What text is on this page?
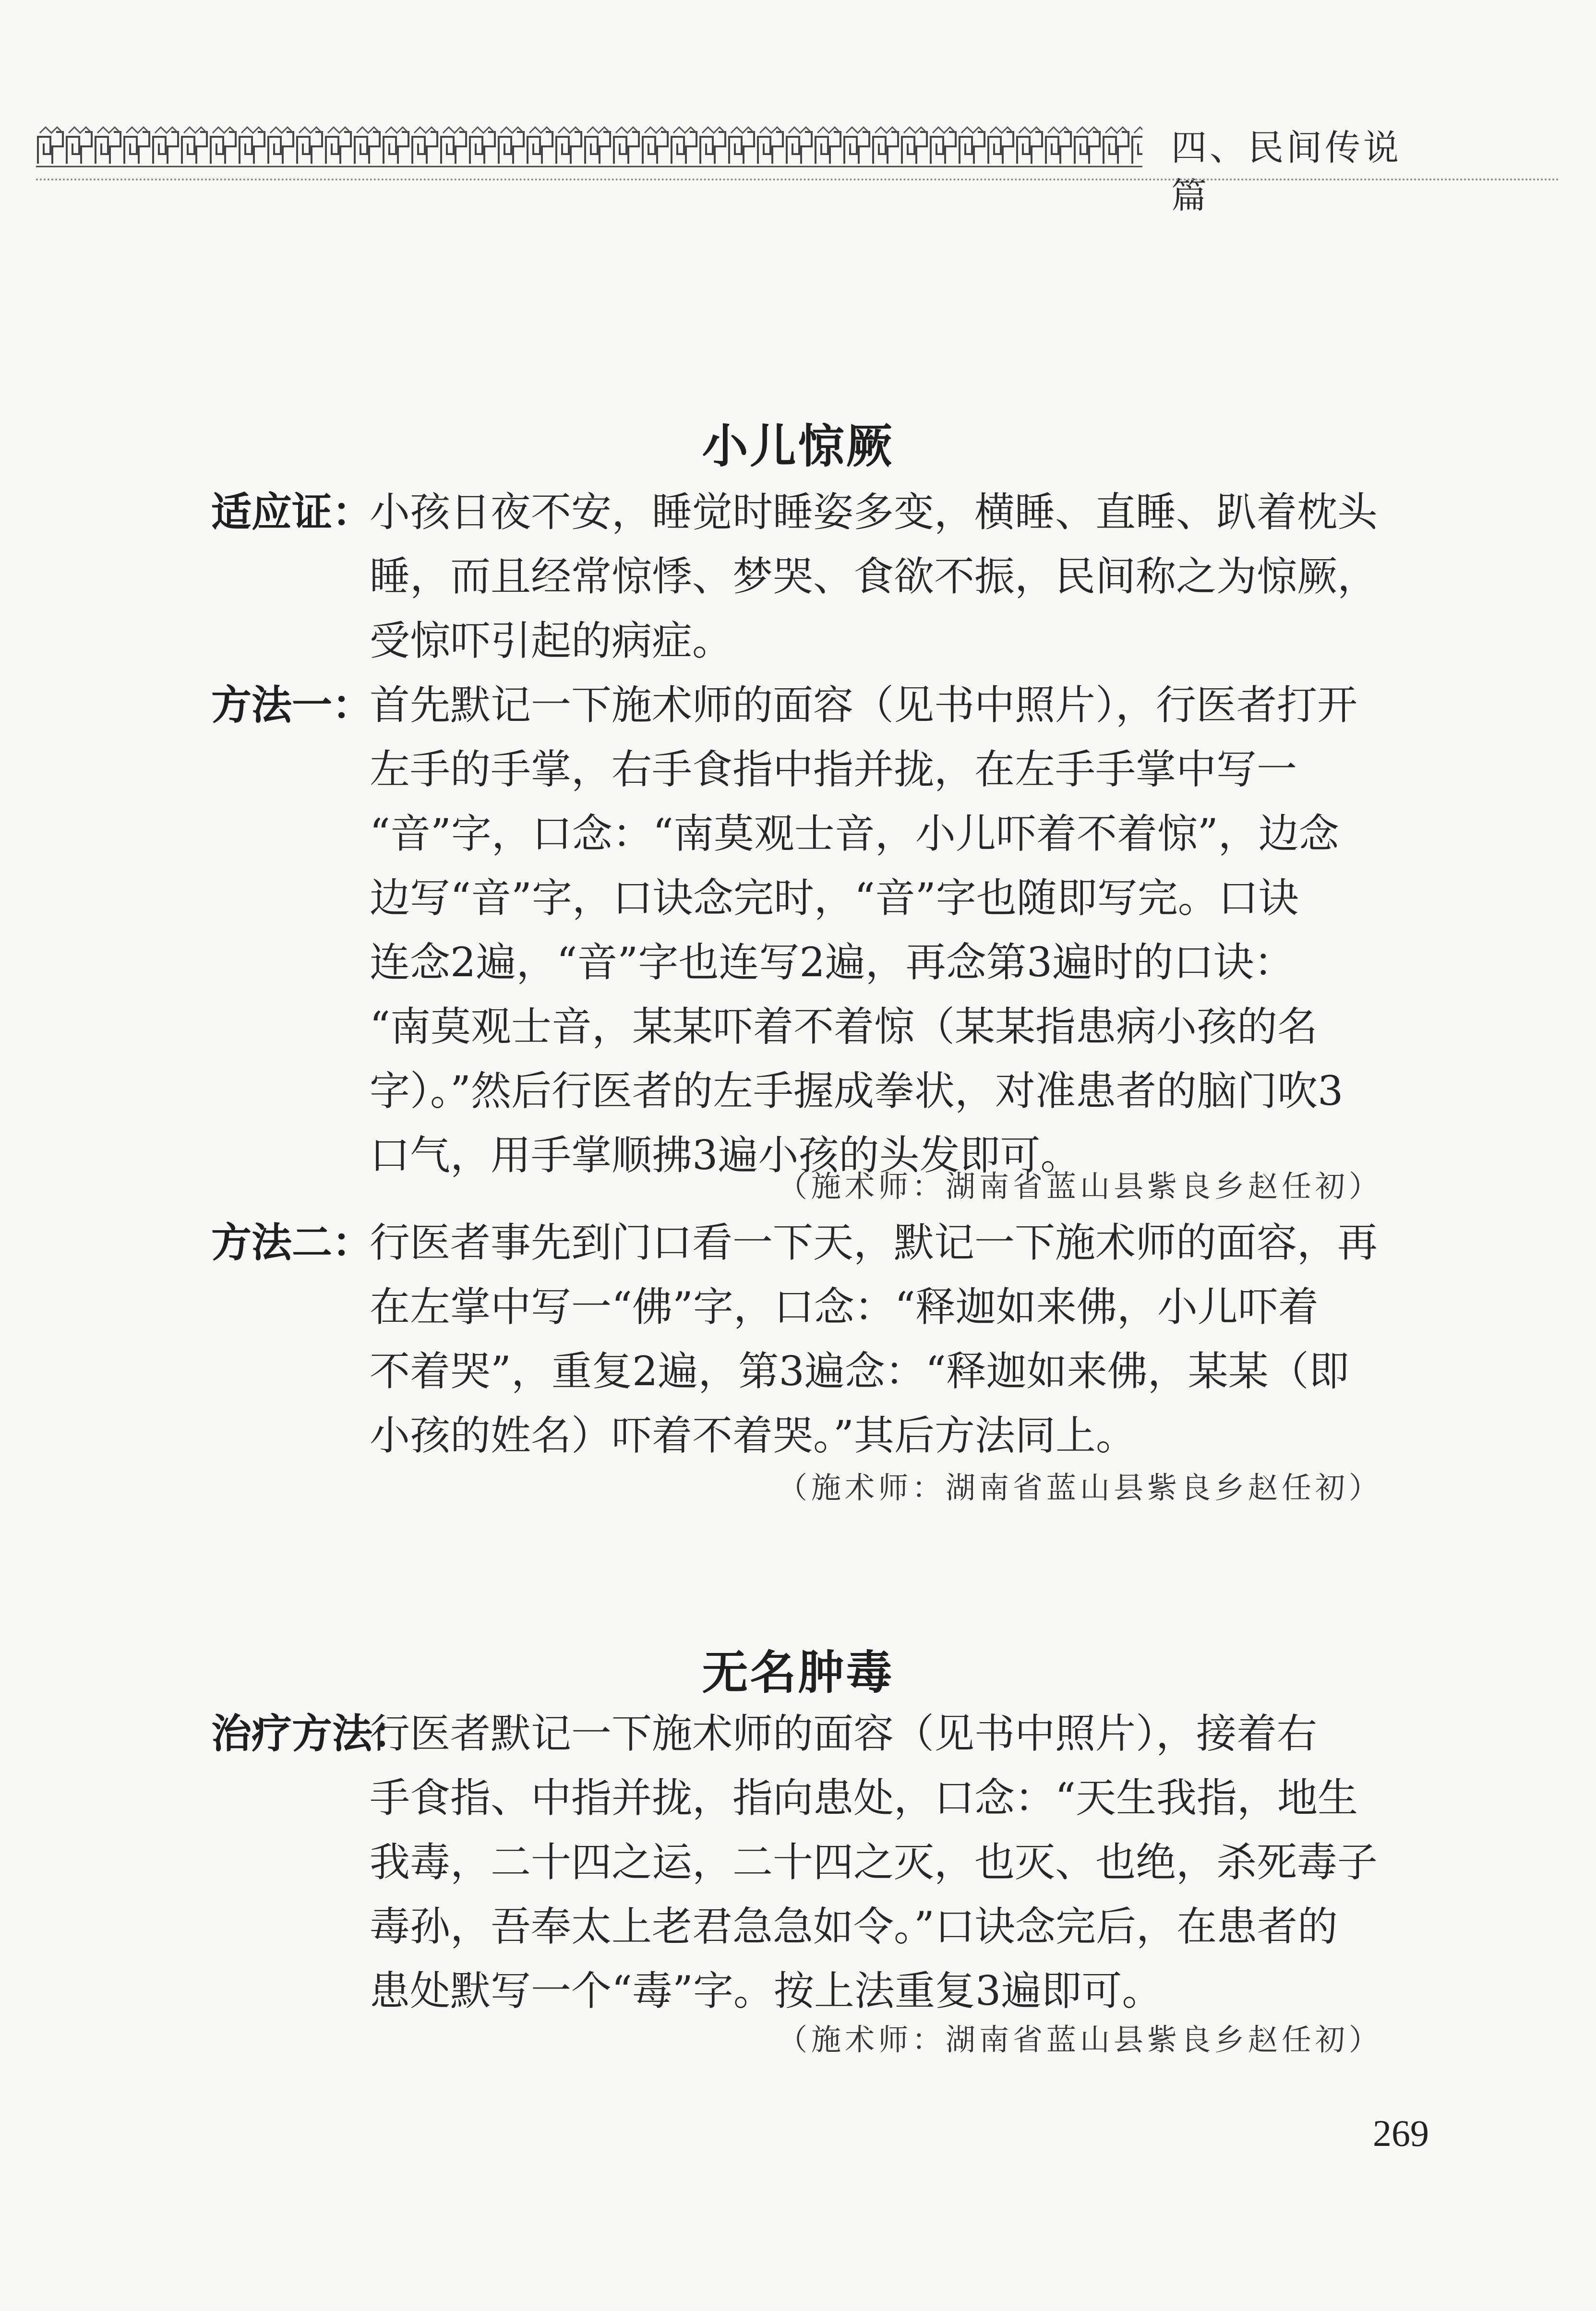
四、民间传说篇
小儿惊厥
适应证：
小孩日夜不安，睡觉时睡姿多变，横睡、直睡、趴着枕头
睡，而且经常惊悸、梦哭、食欲不振，民间称之为惊厥，
受惊吓引起的病症。
方法一：
首先默记一下施术师的面容（见书中照片），行医者打开
左手的手掌，右手食指中指并拢，在左手手掌中写一
“音”字，口念：“南莫观士音，小儿吓着不着惊”，边念
边写“音”字，口诀念完时，“音”字也随即写完。口诀
连念2遍，“音”字也连写2遍，再念第3遍时的口诀：
“南莫观士音，某某吓着不着惊（某某指患病小孩的名
字）。”然后行医者的左手握成拳状，对准患者的脑门吹3
口气，用手掌顺拂3遍小孩的头发即可。
（施术师：湖南省蓝山县紫良乡赵任初）
方法二：
行医者事先到门口看一下天，默记一下施术师的面容，再
在左掌中写一“佛”字，口念：“释迦如来佛，小儿吓着
不着哭”，重复2遍，第3遍念：“释迦如来佛，某某（即
小孩的姓名）吓着不着哭。”其后方法同上。
（施术师：湖南省蓝山县紫良乡赵任初）
无名肿毒
治疗方法：
行医者默记一下施术师的面容（见书中照片），接着右
手食指、中指并拢，指向患处，口念：“天生我指，地生
我毒，二十四之运，二十四之灭，也灭、也绝，杀死毒子
毒孙，吾奉太上老君急急如令。”口诀念完后，在患者的
患处默写一个“毒”字。按上法重复3遍即可。
（施术师：湖南省蓝山县紫良乡赵任初）
269
